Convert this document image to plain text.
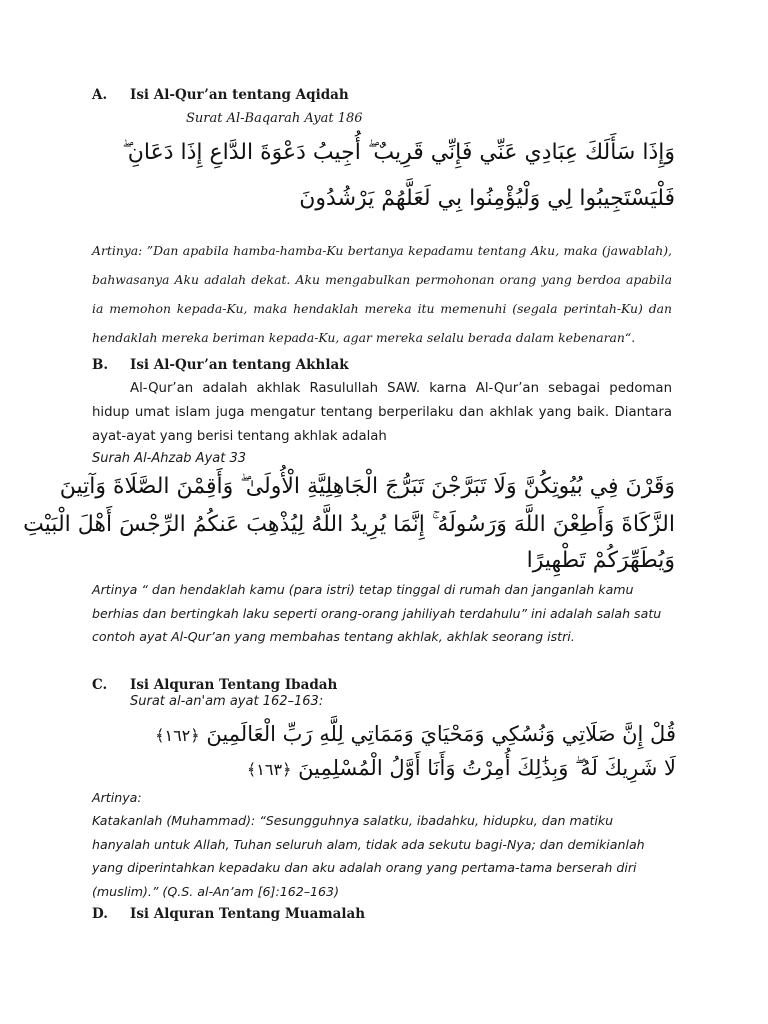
A. Isi Al-Qur’an tentang Aqidah
Surat Al-Baqarah Ayat 186
وَإِذَا سَأَلَكَ عِبَادِي عَنِّي فَإِنِّي قَرِيبٌ ۖ أُجِيبُ دَعْوَةَ الدَّاعِ إِذَا دَعَانِ ۖ
فَلْيَسْتَجِيبُوا لِي وَلْيُؤْمِنُوا بِي لَعَلَّهُمْ يَرْشُدُونَ

Artinya: ”Dan apabila hamba-hamba-Ku bertanya kepadamu tentang Aku, maka (jawablah), bahwasanya Aku adalah dekat. Aku mengabulkan permohonan orang yang berdoa apabila ia memohon kepada-Ku, maka hendaklah mereka itu memenuhi (segala perintah-Ku) dan hendaklah mereka beriman kepada-Ku, agar mereka selalu berada dalam kebenaran“.

B. Isi Al-Qur’an tentang Akhlak

Al-Qur’an adalah akhlak Rasulullah SAW. karna Al-Qur’an sebagai pedoman hidup umat islam juga mengatur tentang berperilaku dan akhlak yang baik. Diantara ayat-ayat yang berisi tentang akhlak adalah

Surah Al-Ahzab Ayat 33
وَقَرْنَ فِي بُيُوتِكُنَّ وَلَا تَبَرَّجْنَ تَبَرُّجَ الْجَاهِلِيَّةِ الْأُولَىٰ ۖ وَأَقِمْنَ الصَّلَاةَ وَآتِينَ
الزَّكَاةَ وَأَطِعْنَ اللَّهَ وَرَسُولَهُ ۚ إِنَّمَا يُرِيدُ اللَّهُ لِيُذْهِبَ عَنكُمُ الرِّجْسَ أَهْلَ الْبَيْتِ
وَيُطَهِّرَكُمْ تَطْهِيرًا

Artinya “ dan hendaklah kamu (para istri) tetap tinggal di rumah dan janganlah kamu berhias dan bertingkah laku seperti orang-orang jahiliyah terdahulu” ini adalah salah satu contoh ayat Al-Qur’an yang membahas tentang akhlak, akhlak seorang istri.

C. Isi Alquran Tentang Ibadah
Surat al-an'am ayat 162–163:
قُلْ إِنَّ صَلَاتِي وَنُسُكِي وَمَحْيَايَ وَمَمَاتِي لِلَّهِ رَبِّ الْعَالَمِينَ ﴿١٦٢﴾
لَا شَرِيكَ لَهُ ۖ وَبِذَٰلِكَ أُمِرْتُ وَأَنَا أَوَّلُ الْمُسْلِمِينَ ﴿١٦٣﴾
Artinya:

Katakanlah (Muhammad): “Sesungguhnya salatku, ibadahku, hidupku, dan matiku hanyalah untuk Allah, Tuhan seluruh alam, tidak ada sekutu bagi-Nya; dan demikianlah yang diperintahkan kepadaku dan aku adalah orang yang pertama-tama berserah diri (muslim).” (Q.S. al-An’am [6]:162–163)

D. Isi Alquran Tentang Muamalah
